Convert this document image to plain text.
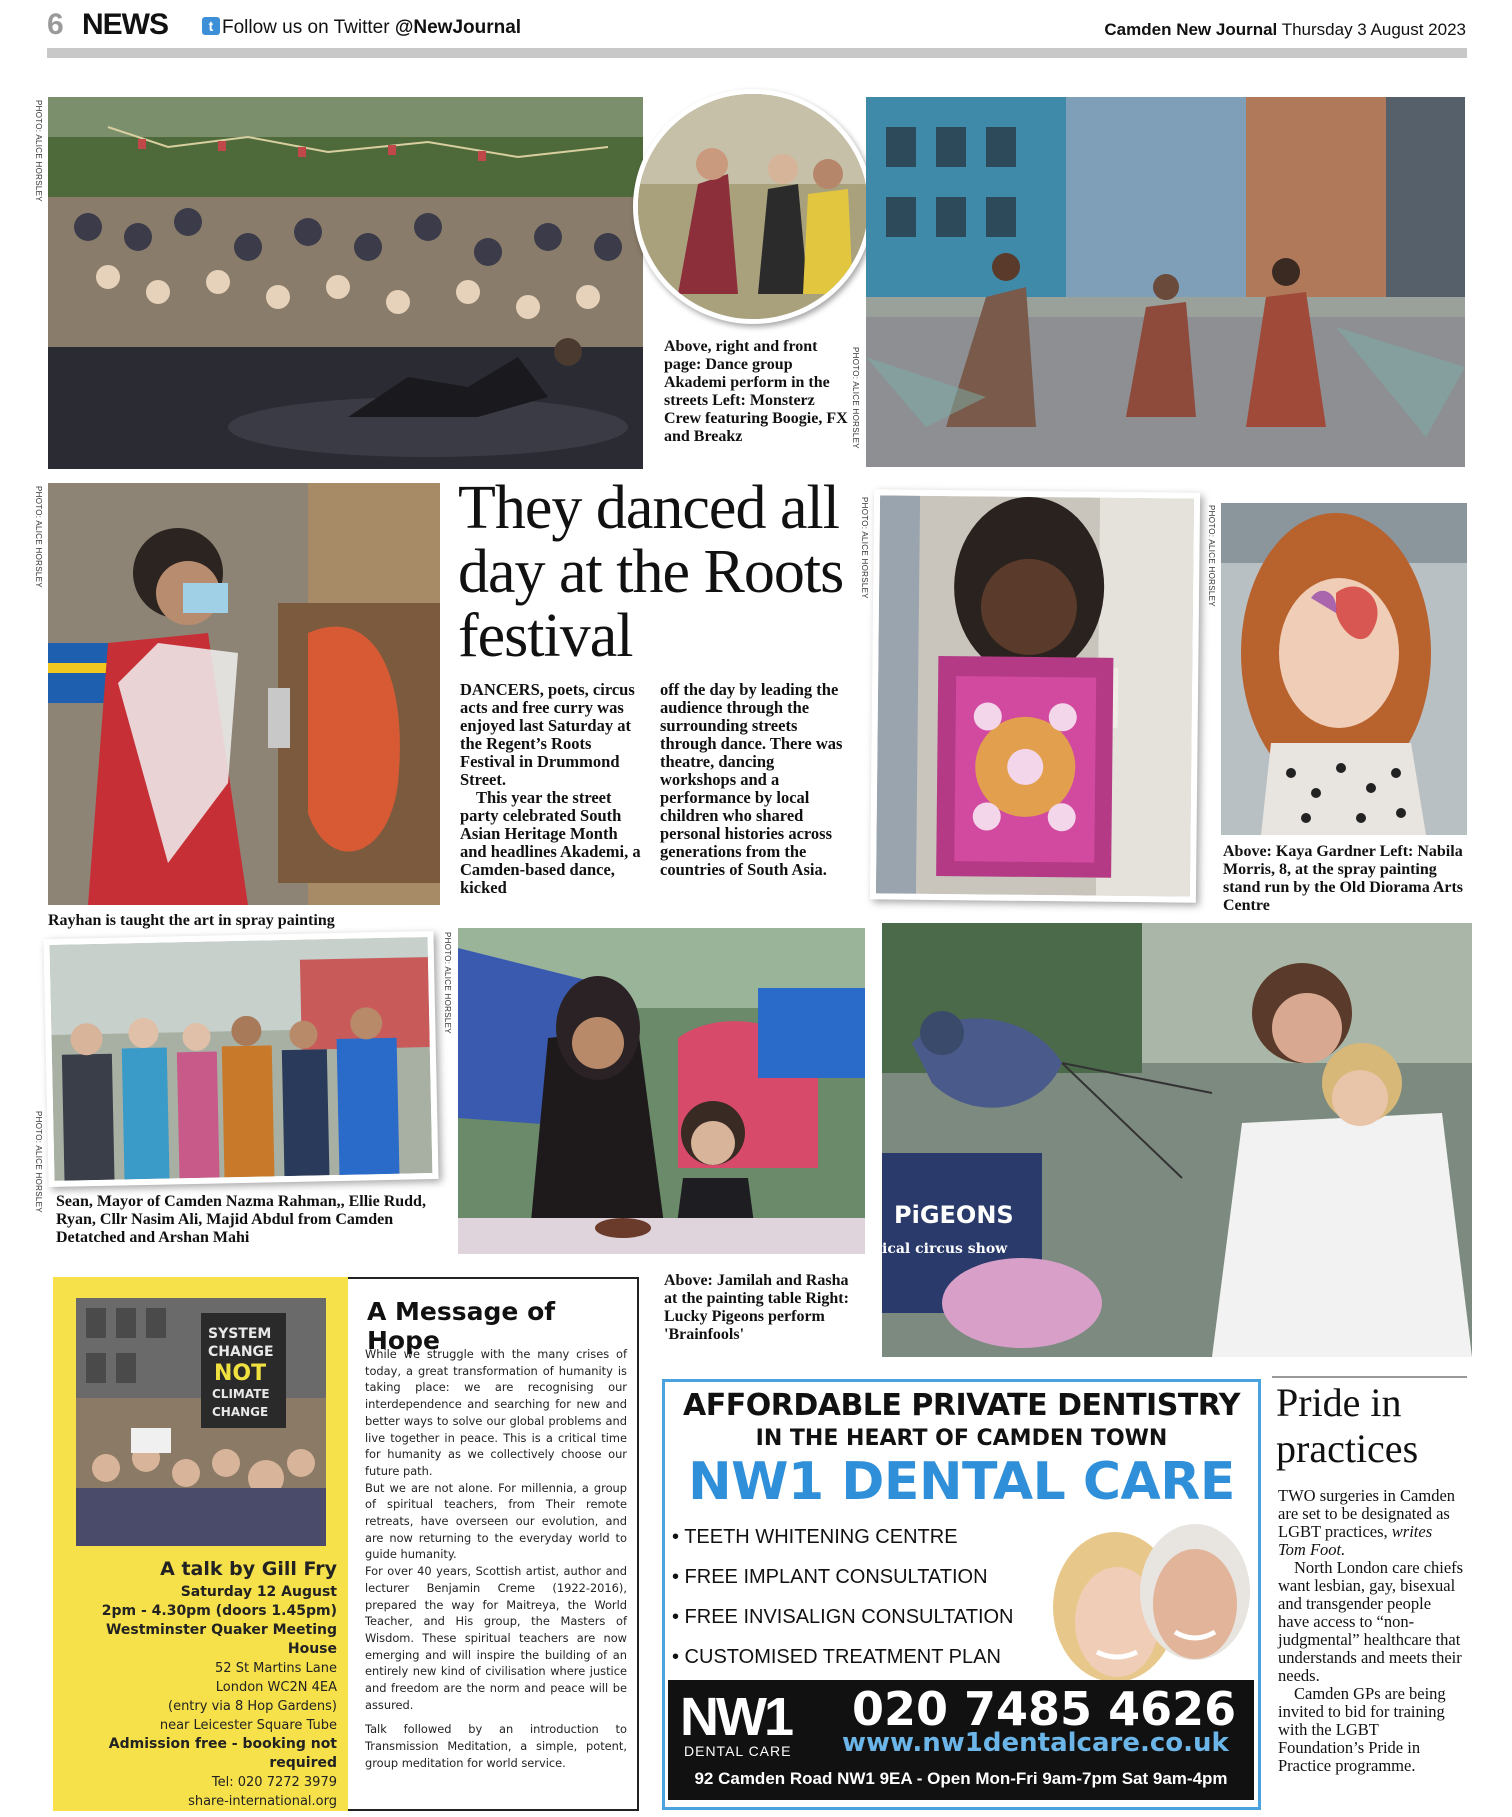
6 NEWS	t Follow us on Twitter @NewJournal	Camden New Journal Thursday 3 August 2023
PHOTO: ALICE HORSLEY
Above, right and front page: Dance group Akademi perform in the streets Left: Monsterz Crew featuring Boogie, FX and Breakz	PHOTO: ALICE HORSLEY
PHOTO: ALICE HORSLEY
Rayhan is taught the art in spray painting
They danced all day at the Roots festival

DANCERS, poets, circus acts and free curry was enjoyed last Saturday at the Regent’s Roots Festival in Drummond Street.

This year the street party celebrated South Asian Heritage Month and headlines Akademi, a Camden-based dance, kicked

off the day by leading the audience through the surrounding streets through dance. There was theatre, dancing workshops and a performance by local children who shared personal histories across generations from the countries of South Asia.

PHOTO: ALICE HORSLEY	PHOTO: ALICE HORSLEY
Above: Kaya Gardner Left: Nabila Morris, 8, at the spray painting stand run by the Old Diorama Arts Centre
PHOTO: ALICE HORSLEY Sean, Mayor of Camden Nazma Rahman,, Ellie Rudd, Ryan, Cllr Nasim Ali, Majid Abdul from Camden Detatched and Arshan Mahi
PHOTO: ALICE HORSLEY
Above: Jamilah and Rasha at the painting table Right: Lucky Pigeons perform 'Brainfools'
PiGEONS
ical circus show
SYSTEM
CHANGE
NOT
CLIMATE
CHANGE
A talk by Gill Fry
Saturday 12 August
2pm - 4.30pm (doors 1.45pm)
Westminster Quaker Meeting House
52 St Martins Lane
London WC2N 4EA
(entry via 8 Hop Gardens)
near Leicester Square Tube
Admission free - booking not required
Tel: 020 7272 3979
share-international.org
A Message of Hope

While we struggle with the many crises of today, a great transformation of humanity is taking place: we are recognising our interdependence and searching for new and better ways to solve our global problems and live together in peace. This is a critical time for humanity as we collectively choose our future path.

But we are not alone. For millennia, a group of spiritual teachers, from Their remote retreats, have overseen our evolution, and are now returning to the everyday world to guide humanity.

For over 40 years, Scottish artist, author and lecturer Benjamin Creme (1922-2016), prepared the way for Maitreya, the World Teacher, and His group, the Masters of Wisdom. These spiritual teachers are now emerging and will inspire the building of an entirely new kind of civilisation where justice and freedom are the norm and peace will be assured.

Talk followed by an introduction to Transmission Meditation, a simple, potent, group meditation for world service.

AFFORDABLE PRIVATE DENTISTRY
IN THE HEART OF CAMDEN TOWN
NW1 DENTAL CARE
• TEETH WHITENING CENTRE
• FREE IMPLANT CONSULTATION
• FREE INVISALIGN CONSULTATION
• CUSTOMISED TREATMENT PLAN
NW1
DENTAL CARE
020 7485 4626
www.nw1dentalcare.co.uk
92 Camden Road NW1 9EA - Open Mon-Fri 9am-7pm Sat 9am-4pm
Pride in practices

TWO surgeries in Camden are set to be designated as LGBT practices, writes Tom Foot.

North London care chiefs want lesbian, gay, bisexual and transgender people have access to “non-judgmental” healthcare that understands and meets their needs.

Camden GPs are being invited to bid for training with the LGBT Foundation’s Pride in Practice programme.
